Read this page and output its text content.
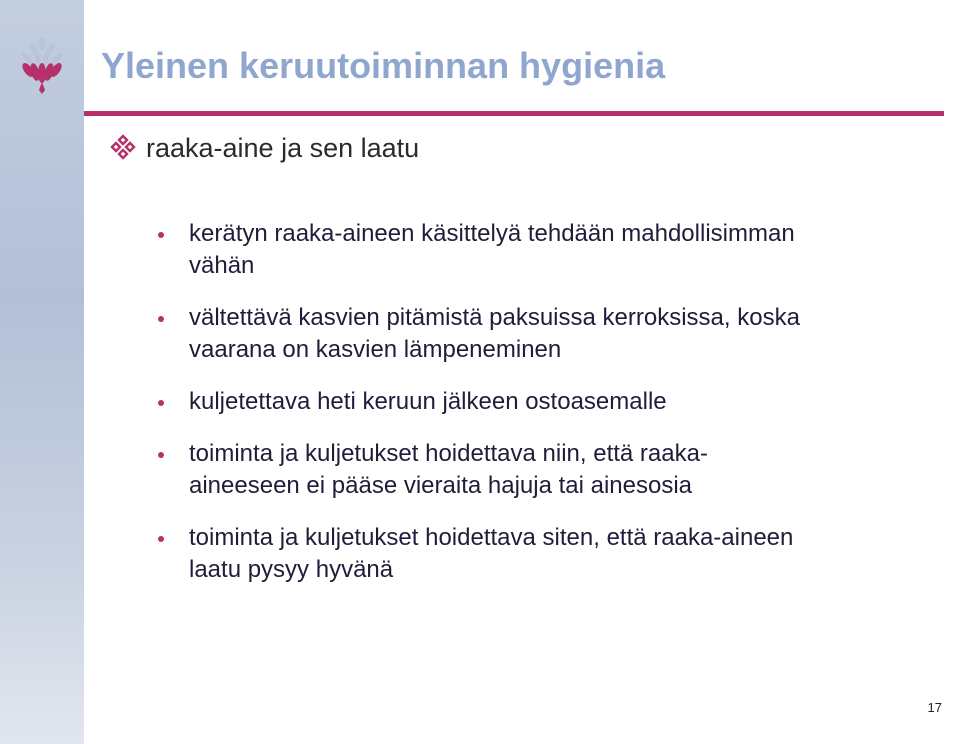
Yleinen keruutoiminnan hygienia
raaka-aine ja sen laatu
kerätyn raaka-aineen käsittelyä tehdään mahdollisimman
vähän
vältettävä kasvien pitämistä paksuissa kerroksissa, koska
vaarana on kasvien lämpeneminen
kuljetettava heti keruun jälkeen ostoasemalle
toiminta ja kuljetukset hoidettava niin, että raaka-
aineeseen ei pääse vieraita hajuja tai ainesosia
toiminta ja kuljetukset hoidettava siten, että raaka-aineen
laatu pysyy hyvänä
17
